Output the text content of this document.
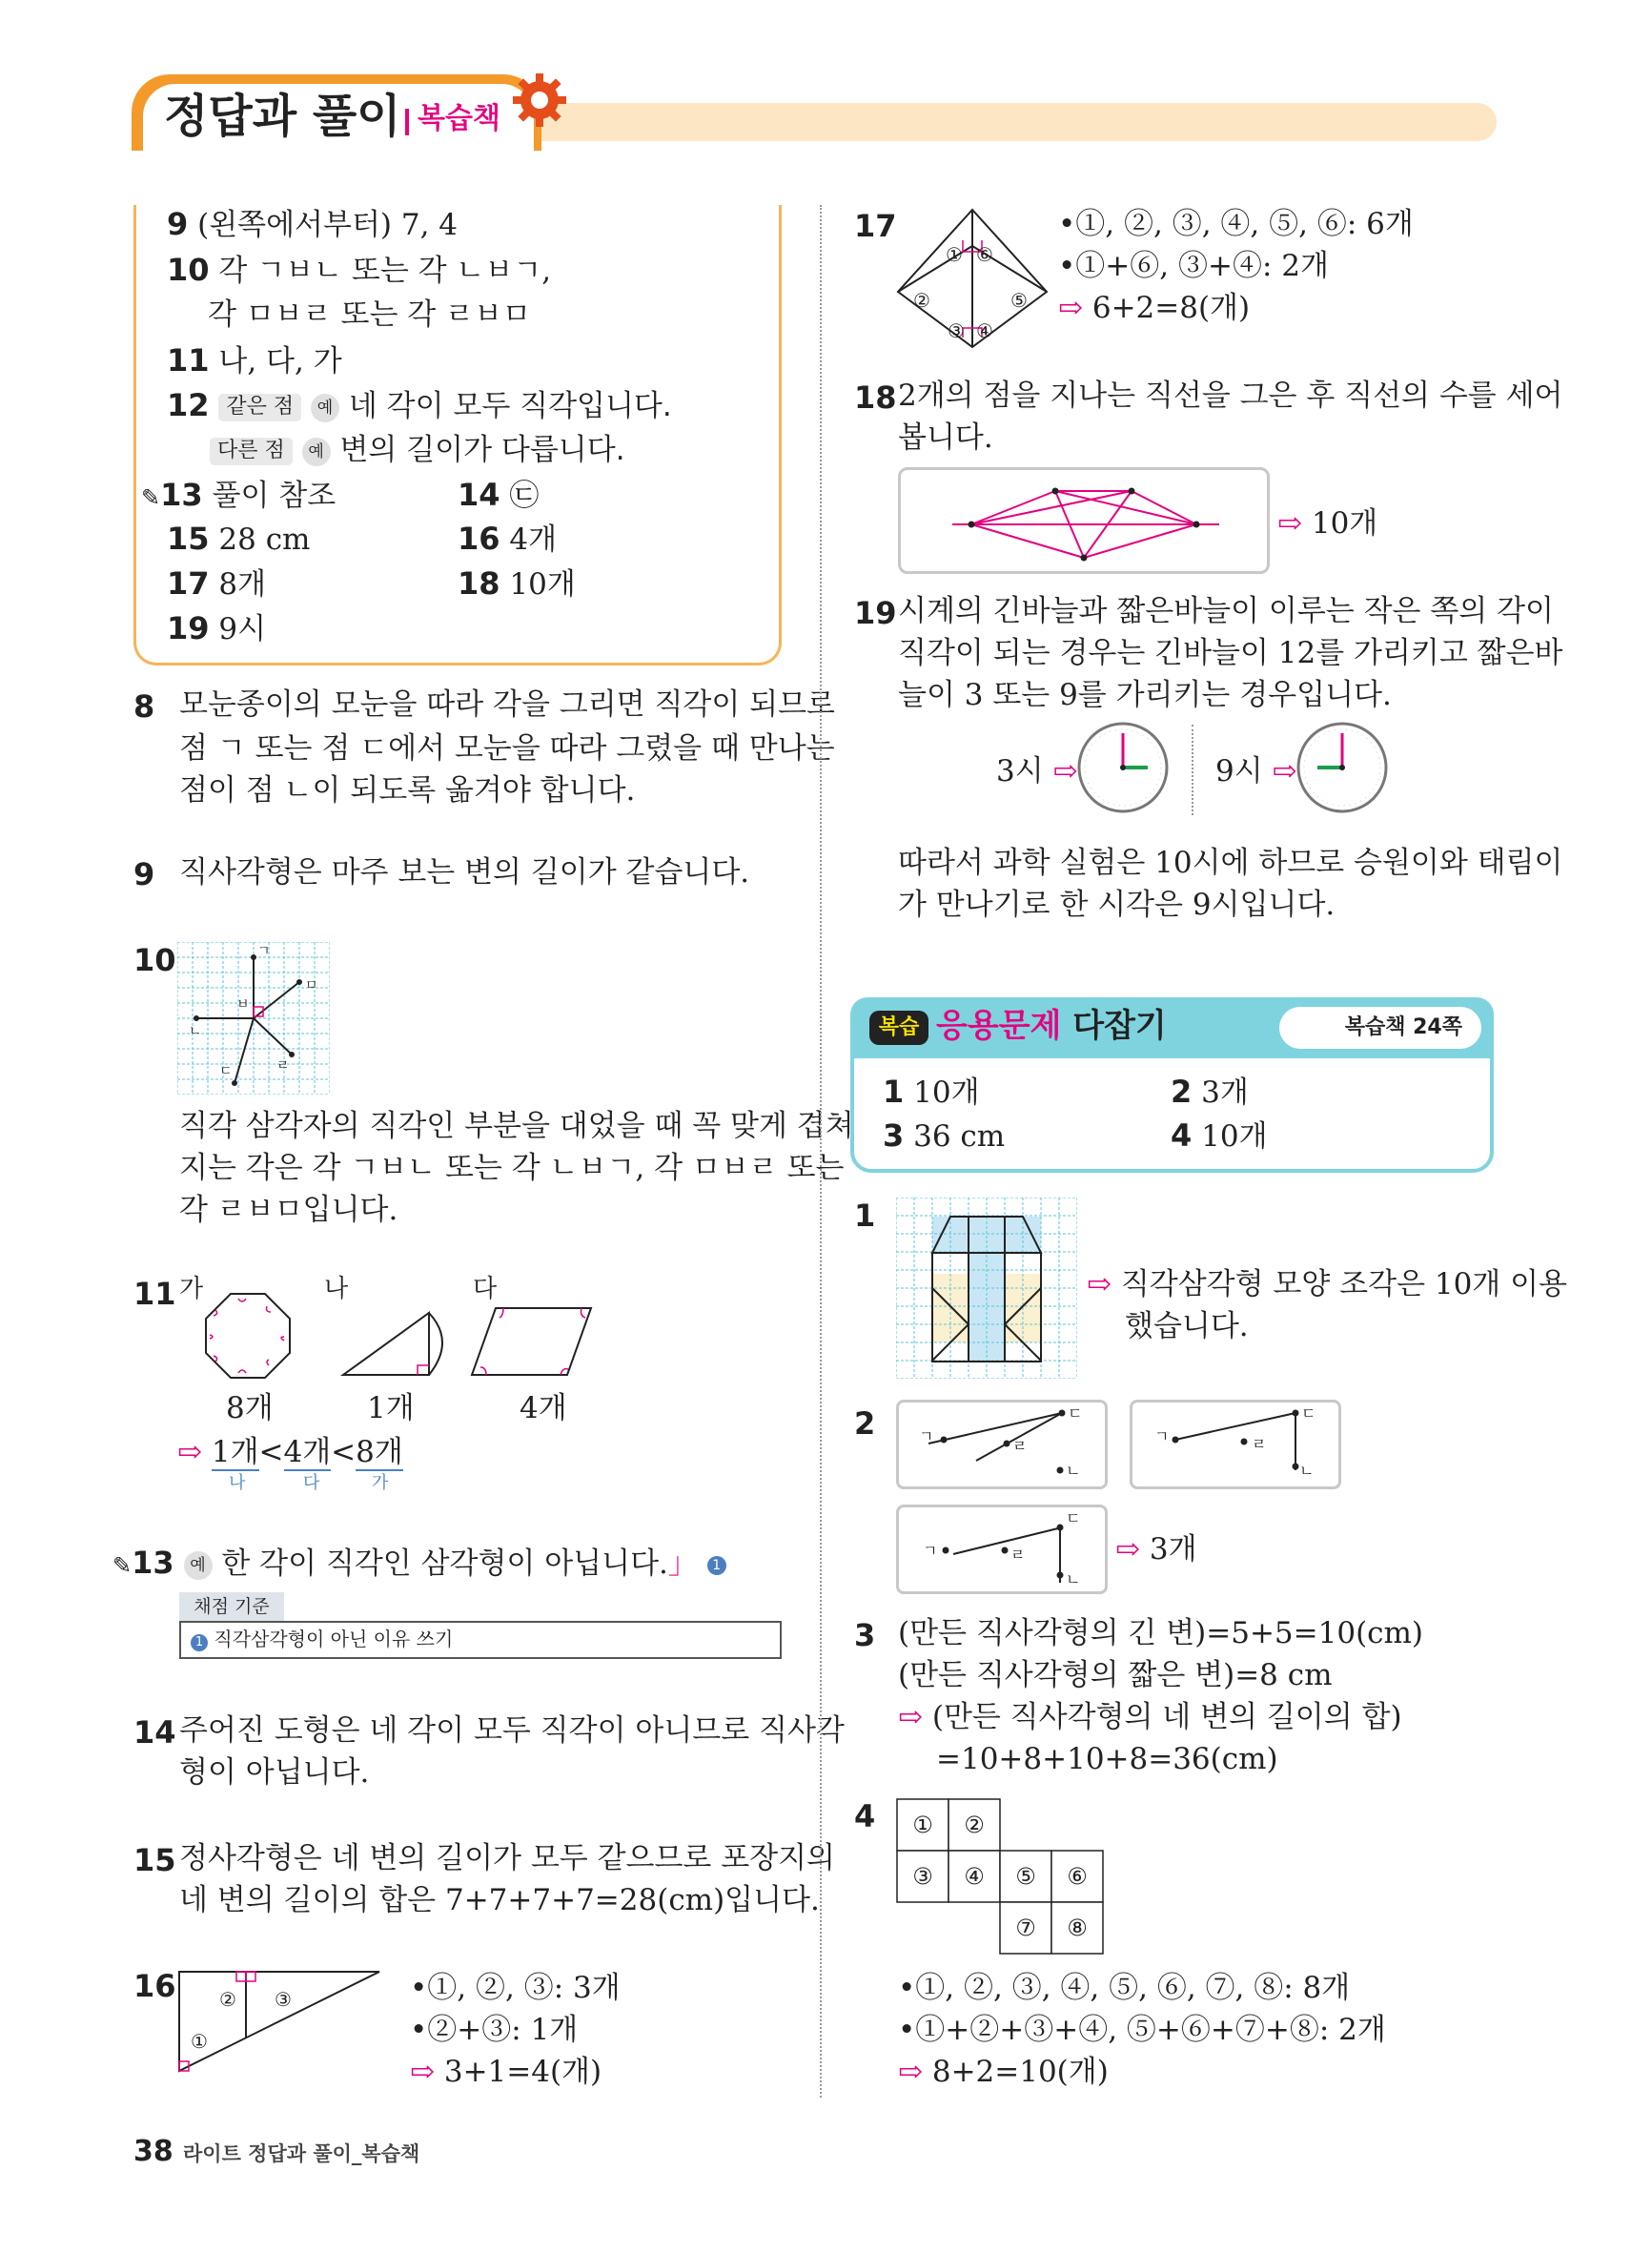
정답과 풀이 복습책
9 (왼쪽에서부터) 7, 4
10 각 ㄱㅂㄴ 또는 각 ㄴㅂㄱ,
각 ㅁㅂㄹ 또는 각 ㄹㅂㅁ
11 나, 다, 가
12 같은 점 예 네 각이 모두 직각입니다.
다른 점 예 변의 길이가 다릅니다.
✎13 풀이 참조	14 ㉢
15 28 cm	16 4개
17 8개	18 10개
19 9시
8 모눈종이의 모눈을 따라 각을 그리면 직각이 되므로
점 ㄱ 또는 점 ㄷ에서 모눈을 따라 그렸을 때 만나는
점이 점 ㄴ이 되도록 옮겨야 합니다.
9 직사각형은 마주 보는 변의 길이가 같습니다.
10	ㄱ
ㅁ
ㅂ
ㄴ
ㄷ	ㄹ
직각 삼각자의 직각인 부분을 대었을 때 꼭 맞게 겹쳐
지는 각은 각 ㄱㅂㄴ 또는 각 ㄴㅂㄱ, 각 ㅁㅂㄹ 또는
각 ㄹㅂㅁ입니다.
11 가	나	다
8개	1개	4개
⇨ 1개<4개<8개
나	다	가
✎13 예 한 각이 직각인 삼각형이 아닙니다.」 1
채점 기준
1 직각삼각형이 아닌 이유 쓰기
14 주어진 도형은 네 각이 모두 직각이 아니므로 직사각
형이 아닙니다.
15 정사각형은 네 변의 길이가 모두 같으므로 포장지의
네 변의 길이의 합은 7+7+7+7=28(cm)입니다.
16
①
② ③	•①, ②, ③: 3개
•②+③: 1개
⇨ 3+1=4(개)
17
① ⑥
②	⑤
③ ④
•①, ②, ③, ④, ⑤, ⑥: 6개
•①+⑥, ③+④: 2개
⇨ 6+2=8(개)
18 2개의 점을 지나는 직선을 그은 후 직선의 수를 세어
봅니다.
⇨ 10개
19 시계의 긴바늘과 짧은바늘이 이루는 작은 쪽의 각이
직각이 되는 경우는 긴바늘이 12를 가리키고 짧은바
늘이 3 또는 9를 가리키는 경우입니다.
3시 ⇨	9시 ⇨
따라서 과학 실험은 10시에 하므로 승원이와 태림이
가 만나기로 한 시각은 9시입니다.
복습 응용문제 다잡기	복습책 24쪽
1 10개	2 3개
3 36 cm	4 10개
1
⇨ 직각삼각형 모양 조각은 10개 이용
했습니다.
2	ㄱ
ㄷ
ㄹ
ㄴ
ㄱ
ㄷ
ㄹ
ㄴ
ㄱ
ㄷ
ㄹ
ㄴ
⇨ 3개
3 (만든 직사각형의 긴 변)=5+5=10(cm)
(만든 직사각형의 짧은 변)=8 cm
⇨ (만든 직사각형의 네 변의 길이의 합)
=10+8+10+8=36(cm)
4 ① ②
③ ④ ⑤ ⑥
⑦ ⑧
•①, ②, ③, ④, ⑤, ⑥, ⑦, ⑧: 8개
•①+②+③+④, ⑤+⑥+⑦+⑧: 2개
⇨ 8+2=10(개)
38 라이트 정답과 풀이_복습책
